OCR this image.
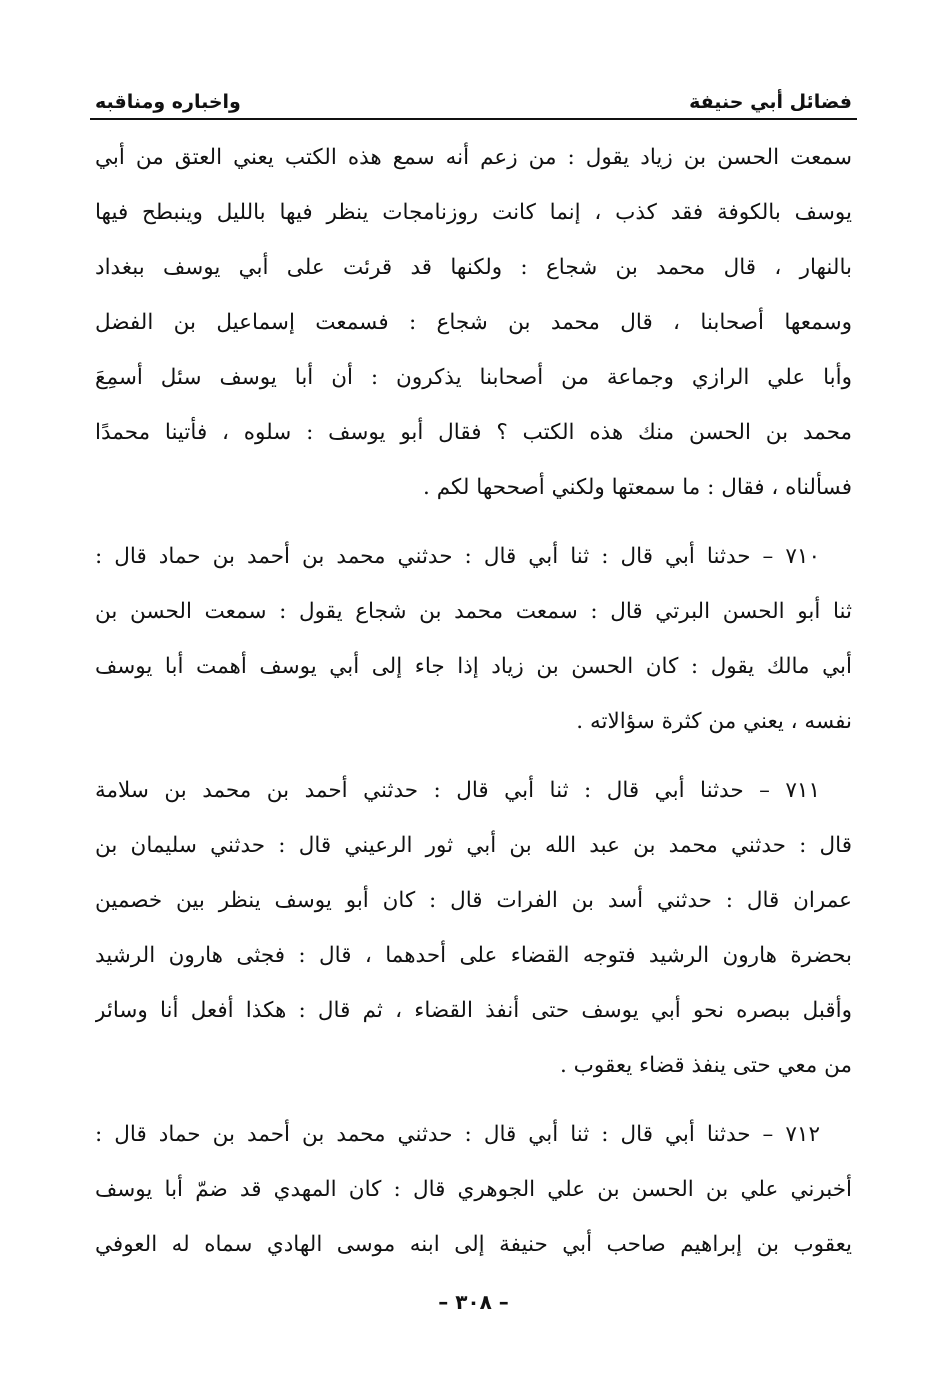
فضائل أبي حنيفة
واخباره ومناقبه

سمعت الحسن بن زياد يقول : من زعم أنه سمع هذه الكتب يعني العتق من أبي
يوسف بالكوفة فقد كذب ، إنما كانت روزنامجات ينظر فيها بالليل وينبطح فيها
بالنهار ، قال محمد بن شجاع : ولكنها قد قرئت على أبي يوسف ببغداد
وسمعها أصحابنا ، قال محمد بن شجاع : فسمعت إسماعيل بن الفضل
وأبا علي الرازي وجماعة من أصحابنا يذكرون : أن أبا يوسف سئل أسمِعَ
محمد بن الحسن منك هذه الكتب ؟ فقال أبو يوسف : سلوه ، فأتينا محمدًا
فسألناه ، فقال : ما سمعتها ولكني أصححها لكم .

٧١٠ – حدثنا أبي قال : ثنا أبي قال : حدثني محمد بن أحمد بن حماد قال :
ثنا أبو الحسن البرتي قال : سمعت محمد بن شجاع يقول : سمعت الحسن بن
أبي مالك يقول : كان الحسن بن زياد إذا جاء إلى أبي يوسف أهمت أبا يوسف
نفسه ، يعني من كثرة سؤالاته .

٧١١ – حدثنا أبي قال : ثنا أبي قال : حدثني أحمد بن محمد بن سلامة
قال : حدثني محمد بن عبد الله بن أبي ثور الرعيني قال : حدثني سليمان بن
عمران قال : حدثني أسد بن الفرات قال : كان أبو يوسف ينظر بين خصمين
بحضرة هارون الرشيد فتوجه القضاء على أحدهما ، قال : فجثى هارون الرشيد
وأقبل ببصره نحو أبي يوسف حتى أنفذ القضاء ، ثم قال : هكذا أفعل أنا وسائر
من معي حتى ينفذ قضاء يعقوب .

٧١٢ – حدثنا أبي قال : ثنا أبي قال : حدثني محمد بن أحمد بن حماد قال :
أخبرني علي بن الحسن بن علي الجوهري قال : كان المهدي قد ضمّ أبا يوسف
يعقوب بن إبراهيم صاحب أبي حنيفة إلى ابنه موسى الهادي سماه له العوفي

– ٣٠٨ –
